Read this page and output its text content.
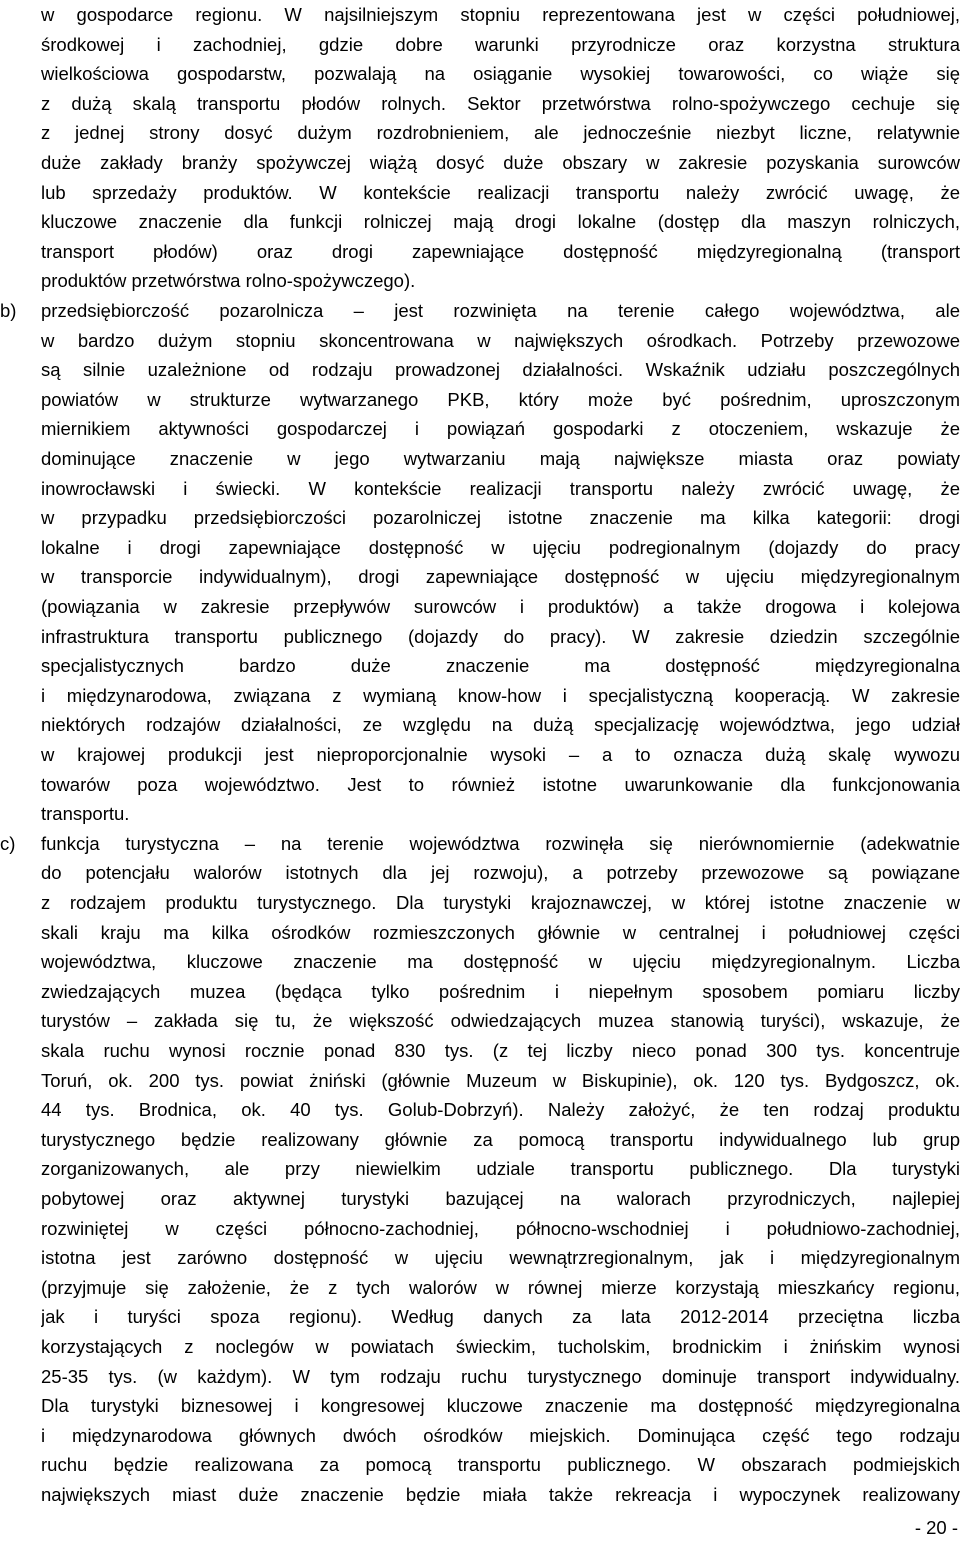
w gospodarce regionu. W najsilniejszym stopniu reprezentowana jest w części południowej,
środkowej i zachodniej, gdzie dobre warunki przyrodnicze oraz korzystna struktura
wielkościowa gospodarstw, pozwalają na osiąganie wysokiej towarowości, co wiąże się
z dużą skalą transportu płodów rolnych. Sektor przetwórstwa rolno-spożywczego cechuje się
z jednej strony dosyć dużym rozdrobnieniem, ale jednocześnie niezbyt liczne, relatywnie
duże zakłady branży spożywczej wiążą dosyć duże obszary w zakresie pozyskania surowców
lub sprzedaży produktów. W kontekście realizacji transportu należy zwrócić uwagę, że
kluczowe znaczenie dla funkcji rolniczej mają drogi lokalne (dostęp dla maszyn rolniczych,
transport płodów) oraz drogi zapewniające dostępność międzyregionalną (transport
produktów przetwórstwa rolno-spożywczego).
b)	przedsiębiorczość pozarolnicza – jest rozwinięta na terenie całego województwa, ale
w bardzo dużym stopniu skoncentrowana w największych ośrodkach. Potrzeby przewozowe
są silnie uzależnione od rodzaju prowadzonej działalności. Wskaźnik udziału poszczególnych
powiatów w strukturze wytwarzanego PKB, który może być pośrednim, uproszczonym
miernikiem aktywności gospodarczej i powiązań gospodarki z otoczeniem, wskazuje że
dominujące znaczenie w jego wytwarzaniu mają największe miasta oraz powiaty
inowrocławski i świecki. W kontekście realizacji transportu należy zwrócić uwagę, że
w przypadku przedsiębiorczości pozarolniczej istotne znaczenie ma kilka kategorii: drogi
lokalne i drogi zapewniające dostępność w ujęciu podregionalnym (dojazdy do pracy
w transporcie indywidualnym), drogi zapewniające dostępność w ujęciu międzyregionalnym
(powiązania w zakresie przepływów surowców i produktów) a także drogowa i kolejowa
infrastruktura transportu publicznego (dojazdy do pracy). W zakresie dziedzin szczególnie
specjalistycznych bardzo duże znaczenie ma dostępność międzyregionalna
i międzynarodowa, związana z wymianą know-how i specjalistyczną kooperacją. W zakresie
niektórych rodzajów działalności, ze względu na dużą specjalizację województwa, jego udział
w krajowej produkcji jest nieproporcjonalnie wysoki – a to oznacza dużą skalę wywozu
towarów poza województwo. Jest to również istotne uwarunkowanie dla funkcjonowania
transportu.
c)	funkcja turystyczna – na terenie województwa rozwinęła się nierównomiernie (adekwatnie
do potencjału walorów istotnych dla jej rozwoju), a potrzeby przewozowe są powiązane
z rodzajem produktu turystycznego. Dla turystyki krajoznawczej, w której istotne znaczenie w
skali kraju ma kilka ośrodków rozmieszczonych głównie w centralnej i południowej części
województwa, kluczowe znaczenie ma dostępność w ujęciu międzyregionalnym. Liczba
zwiedzających muzea (będąca tylko pośrednim i niepełnym sposobem pomiaru liczby
turystów – zakłada się tu, że większość odwiedzających muzea stanowią turyści), wskazuje, że
skala ruchu wynosi rocznie ponad 830 tys. (z tej liczby nieco ponad 300 tys. koncentruje
Toruń, ok. 200 tys. powiat żniński (głównie Muzeum w Biskupinie), ok. 120 tys. Bydgoszcz, ok.
44 tys. Brodnica, ok. 40 tys. Golub-Dobrzyń). Należy założyć, że ten rodzaj produktu
turystycznego będzie realizowany głównie za pomocą transportu indywidualnego lub grup
zorganizowanych, ale przy niewielkim udziale transportu publicznego. Dla turystyki
pobytowej oraz aktywnej turystyki bazującej na walorach przyrodniczych, najlepiej
rozwiniętej w części północno-zachodniej, północno-wschodniej i południowo-zachodniej,
istotna jest zarówno dostępność w ujęciu wewnątrzregionalnym, jak i międzyregionalnym
(przyjmuje się założenie, że z tych walorów w równej mierze korzystają mieszkańcy regionu,
jak i turyści spoza regionu). Według danych za lata 2012-2014 przeciętna liczba
korzystających z noclegów w powiatach świeckim, tucholskim, brodnickim i żnińskim wynosi
25-35 tys. (w każdym). W tym rodzaju ruchu turystycznego dominuje transport indywidualny.
Dla turystyki biznesowej i kongresowej kluczowe znaczenie ma dostępność międzyregionalna
i międzynarodowa głównych dwóch ośrodków miejskich. Dominująca część tego rodzaju
ruchu będzie realizowana za pomocą transportu publicznego. W obszarach podmiejskich
największych miast duże znaczenie będzie miała także rekreacja i wypoczynek realizowany
- 20 -
